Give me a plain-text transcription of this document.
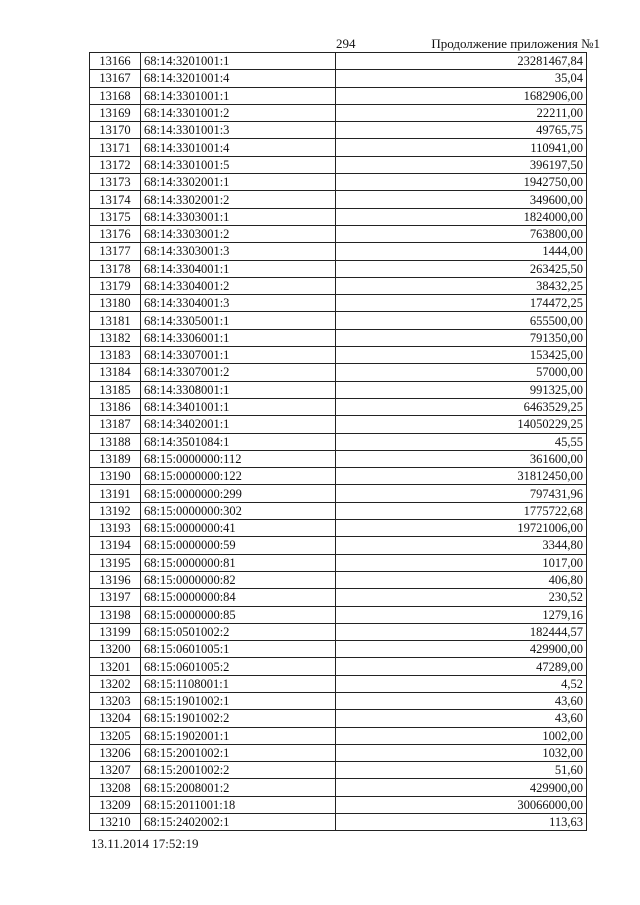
294	Продолжение приложения №1
13166	68:14:3201001:1	23281467,84
13167	68:14:3201001:4	35,04
13168	68:14:3301001:1	1682906,00
13169	68:14:3301001:2	22211,00
13170	68:14:3301001:3	49765,75
13171	68:14:3301001:4	110941,00
13172	68:14:3301001:5	396197,50
13173	68:14:3302001:1	1942750,00
13174	68:14:3302001:2	349600,00
13175	68:14:3303001:1	1824000,00
13176	68:14:3303001:2	763800,00
13177	68:14:3303001:3	1444,00
13178	68:14:3304001:1	263425,50
13179	68:14:3304001:2	38432,25
13180	68:14:3304001:3	174472,25
13181	68:14:3305001:1	655500,00
13182	68:14:3306001:1	791350,00
13183	68:14:3307001:1	153425,00
13184	68:14:3307001:2	57000,00
13185	68:14:3308001:1	991325,00
13186	68:14:3401001:1	6463529,25
13187	68:14:3402001:1	14050229,25
13188	68:14:3501084:1	45,55
13189	68:15:0000000:112	361600,00
13190	68:15:0000000:122	31812450,00
13191	68:15:0000000:299	797431,96
13192	68:15:0000000:302	1775722,68
13193	68:15:0000000:41	19721006,00
13194	68:15:0000000:59	3344,80
13195	68:15:0000000:81	1017,00
13196	68:15:0000000:82	406,80
13197	68:15:0000000:84	230,52
13198	68:15:0000000:85	1279,16
13199	68:15:0501002:2	182444,57
13200	68:15:0601005:1	429900,00
13201	68:15:0601005:2	47289,00
13202	68:15:1108001:1	4,52
13203	68:15:1901002:1	43,60
13204	68:15:1901002:2	43,60
13205	68:15:1902001:1	1002,00
13206	68:15:2001002:1	1032,00
13207	68:15:2001002:2	51,60
13208	68:15:2008001:2	429900,00
13209	68:15:2011001:18	30066000,00
13210	68:15:2402002:1	113,63
13.11.2014 17:52:19
